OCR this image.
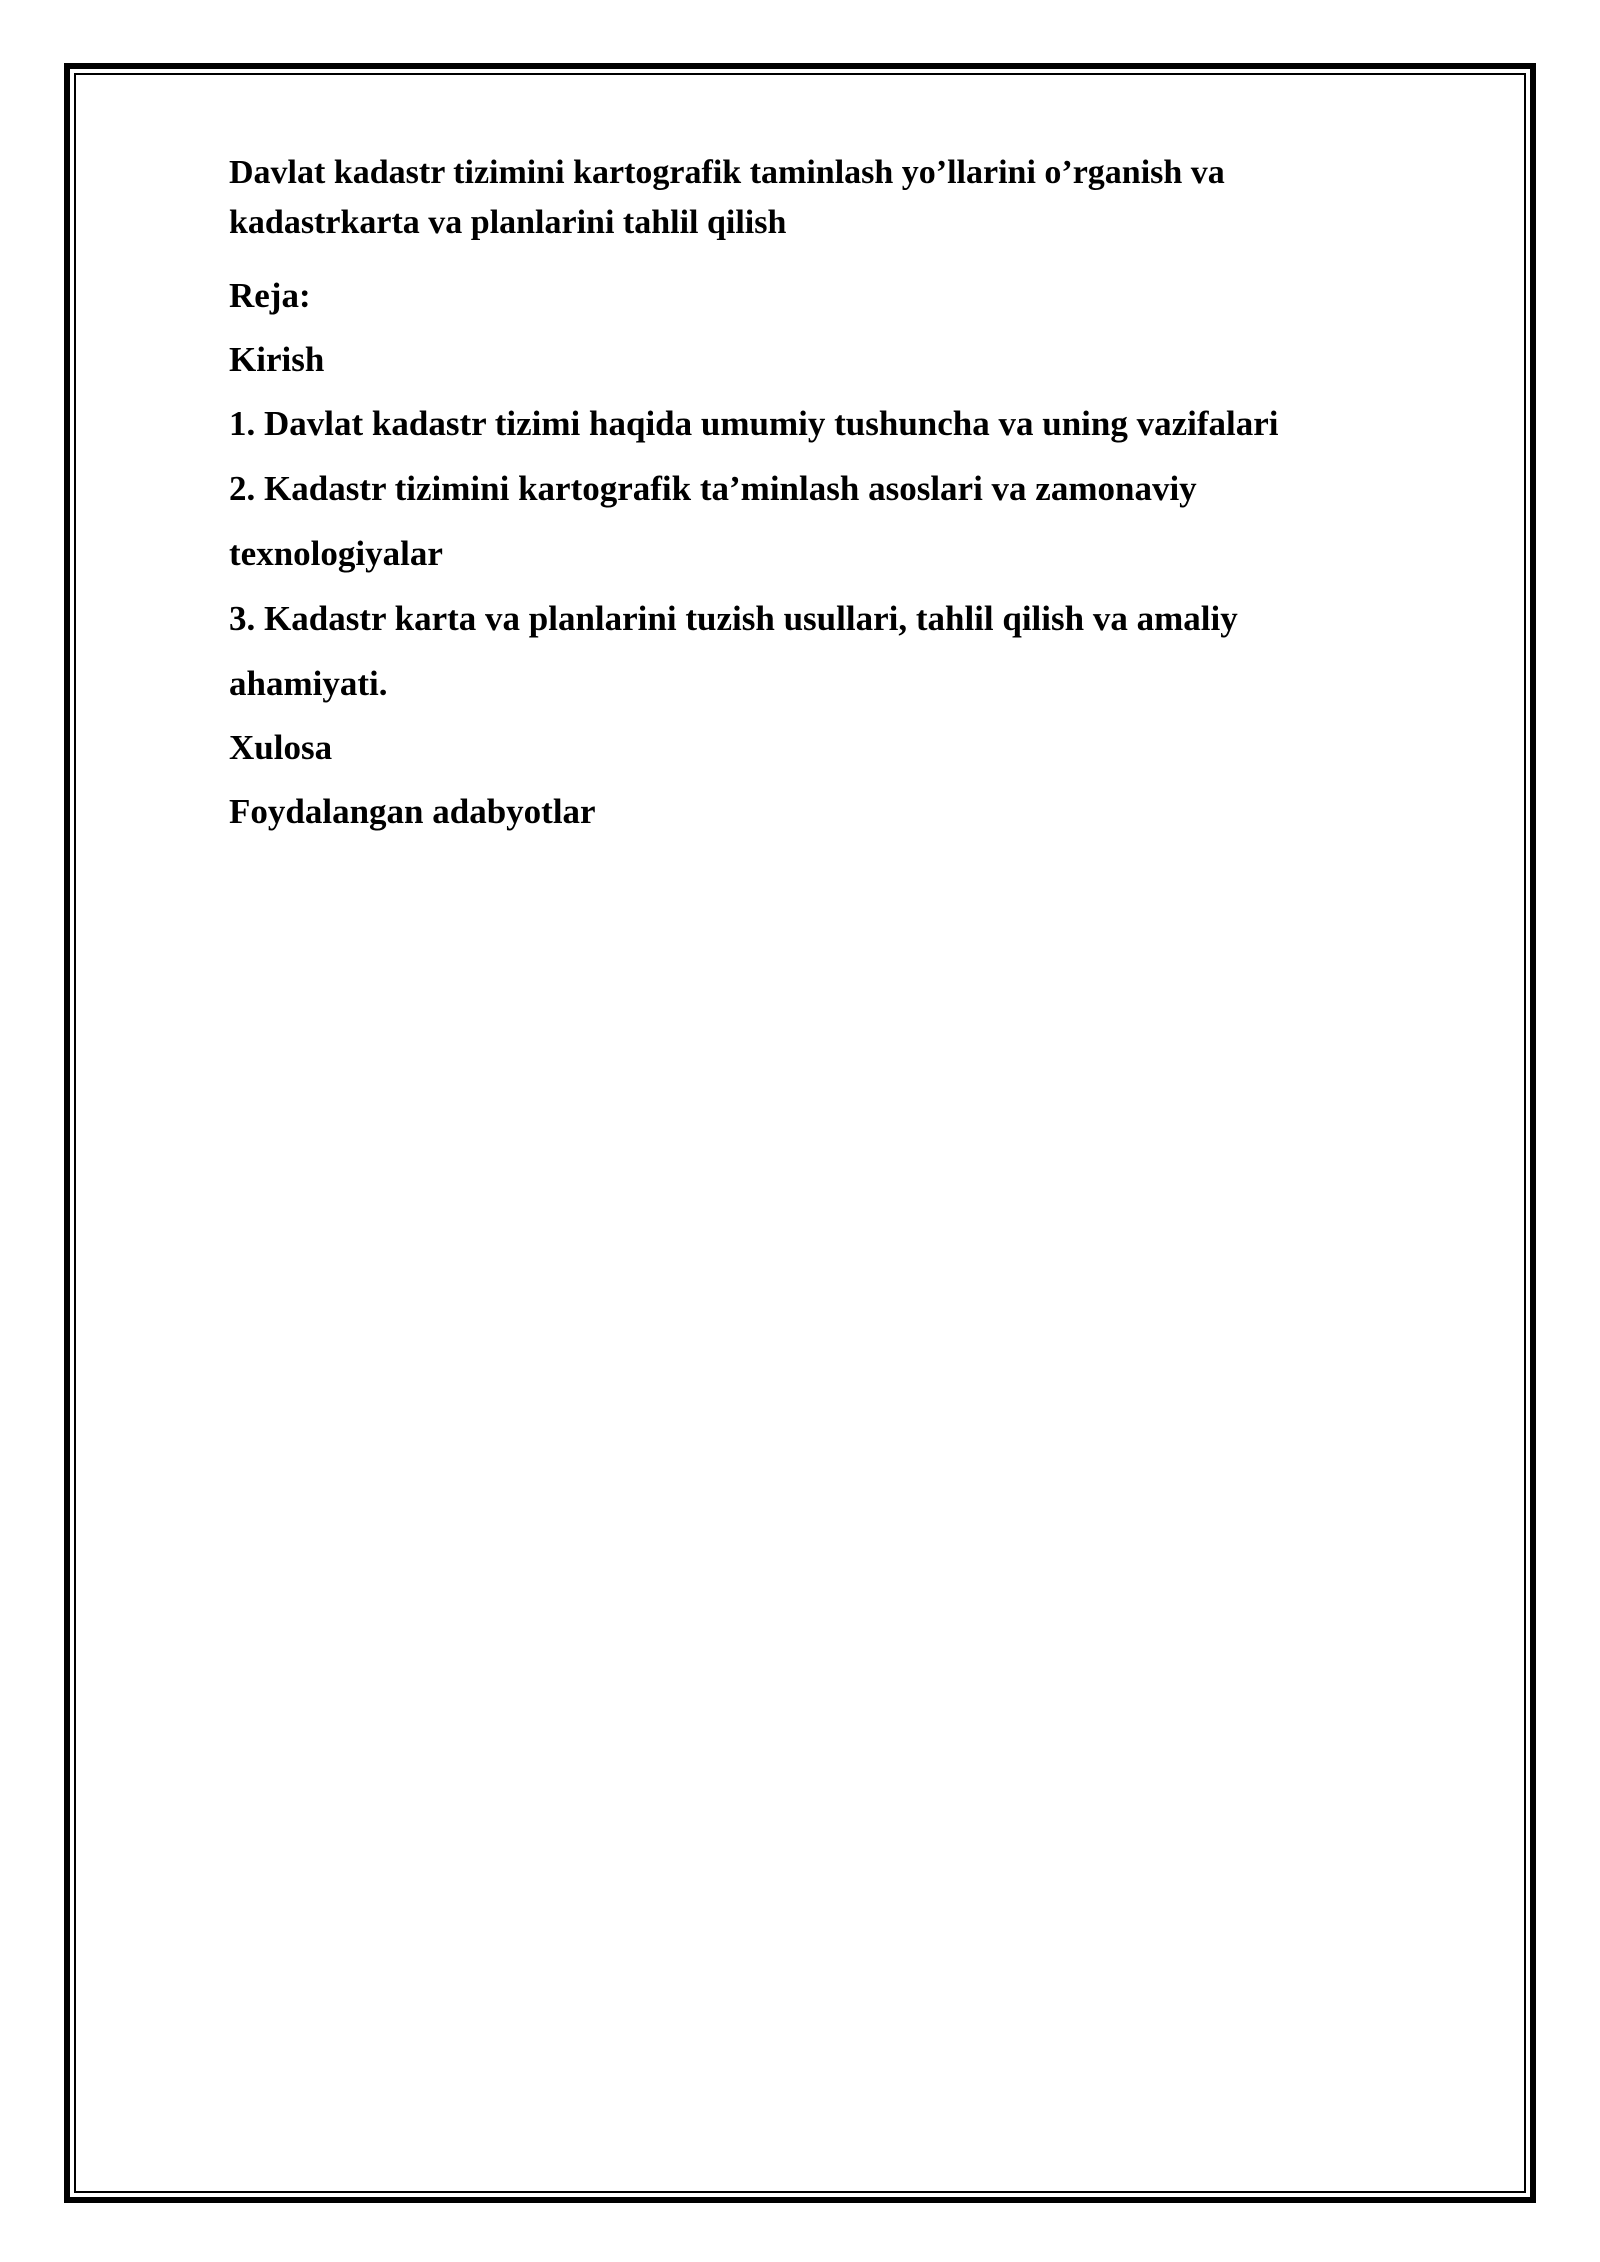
Davlat kadastr tizimini kartografik taminlash yo’llarini o’rganish va kadastrkarta va planlarini tahlil qilish

Reja:

Kirish

1. Davlat kadastr tizimi haqida umumiy tushuncha va uning vazifalari

2. Kadastr tizimini kartografik ta’minlash asoslari va zamonaviy texnologiyalar

3. Kadastr karta va planlarini tuzish usullari, tahlil qilish va amaliy ahamiyati.

Xulosa

Foydalangan adabyotlar
